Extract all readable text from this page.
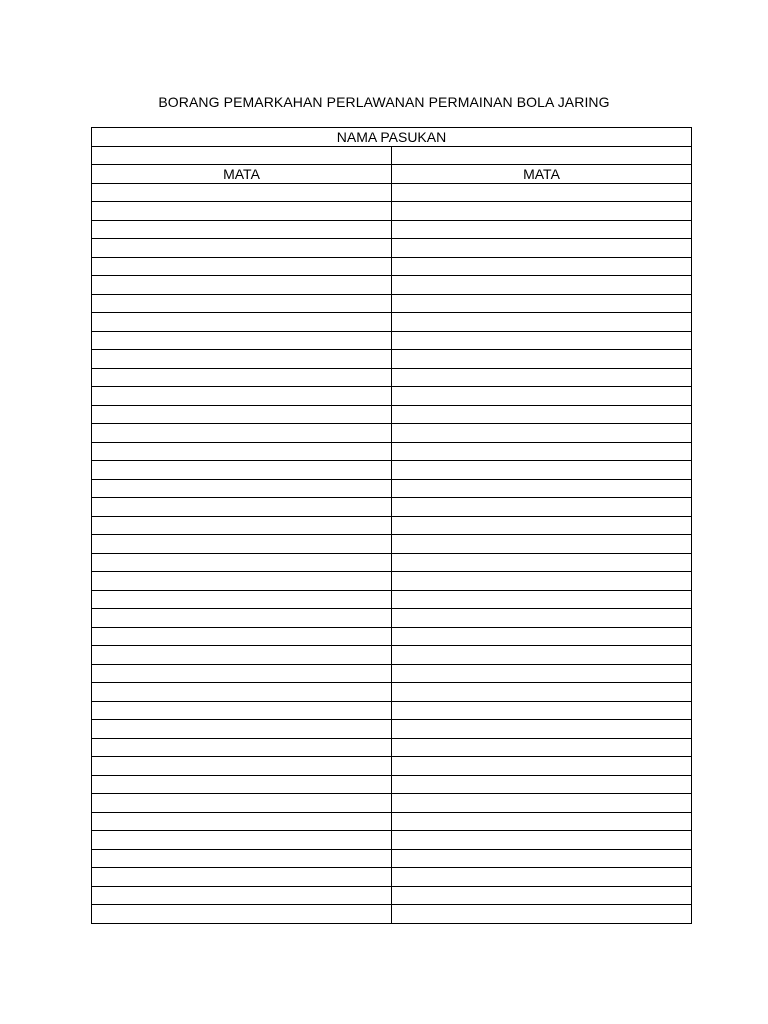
BORANG PEMARKAHAN PERLAWANAN PERMAINAN BOLA JARING
NAMA PASUKAN	

MATA	MATA
